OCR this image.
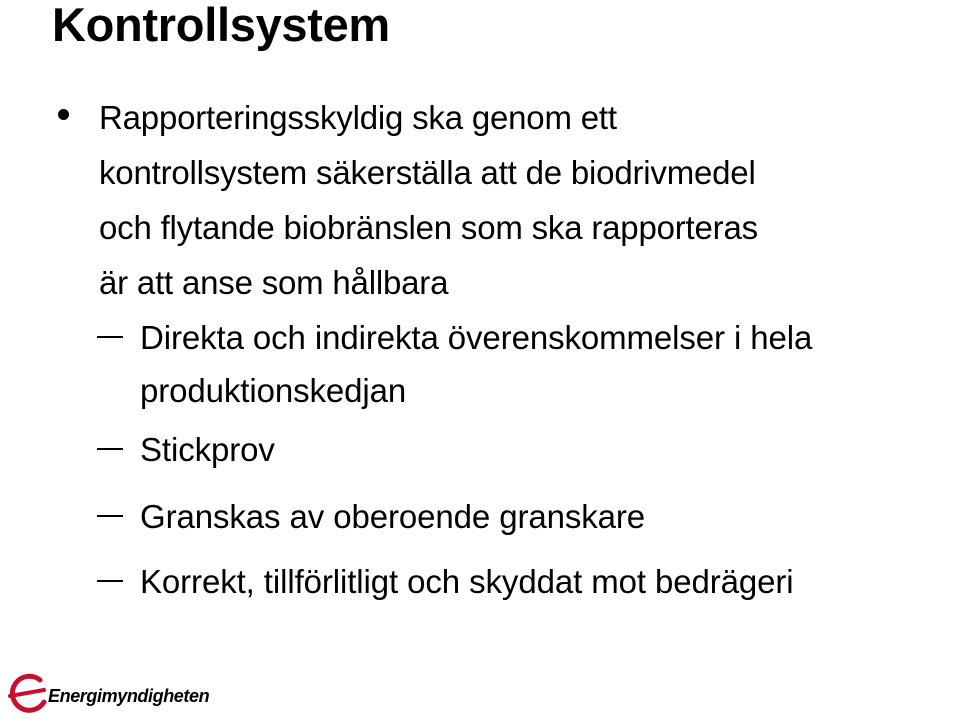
Kontrollsystem
Rapporteringsskyldig ska genom ett
kontrollsystem säkerställa att de biodrivmedel
och flytande biobränslen som ska rapporteras
är att anse som hållbara
Direkta och indirekta överenskommelser i hela
produktionskedjan
Stickprov
Granskas av oberoende granskare
Korrekt, tillförlitligt och skyddat mot bedrägeri
Energimyndigheten
